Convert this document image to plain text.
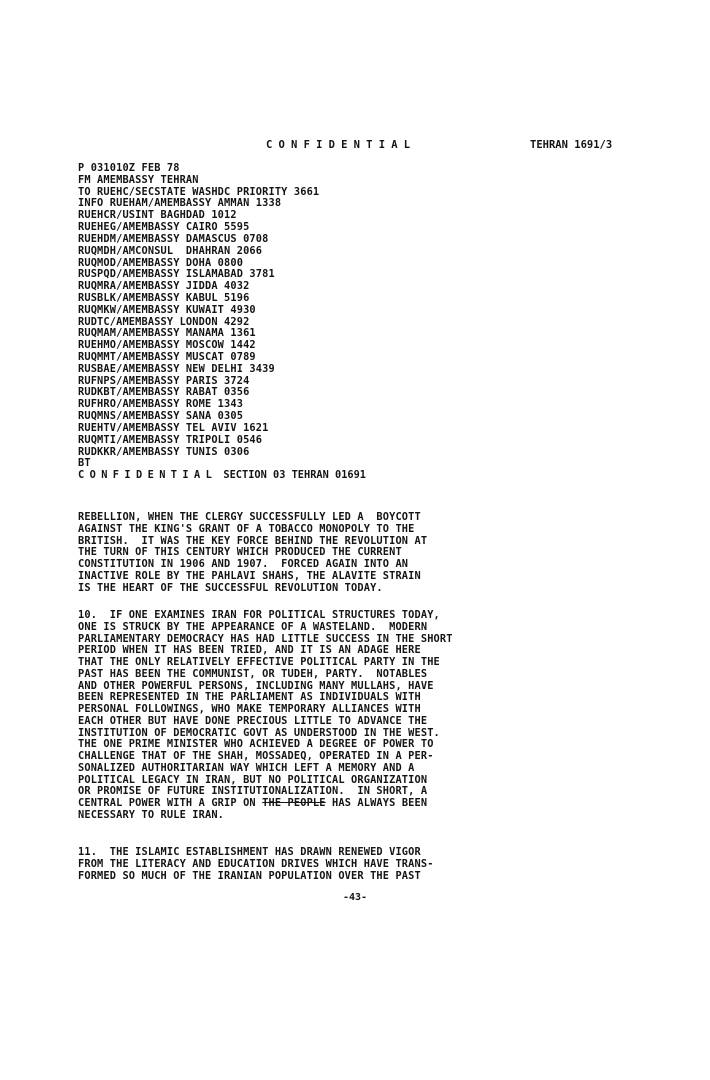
CONFIDENTIAL	TEHRAN 1691/3
P 031010Z FEB 78
FM AMEMBASSY TEHRAN
TO RUEHC/SECSTATE WASHDC PRIORITY 3661
INFO RUEHAM/AMEMBASSY AMMAN 1338
RUEHCR/USINT BAGHDAD 1012
RUEHEG/AMEMBASSY CAIRO 5595
RUEHDM/AMEMBASSY DAMASCUS 0708
RUQMDH/AMCONSUL  DHAHRAN 2066
RUQMOD/AMEMBASSY DOHA 0800
RUSPQD/AMEMBASSY ISLAMABAD 3781
RUQMRA/AMEMBASSY JIDDA 4032
RUSBLK/AMEMBASSY KABUL 5196
RUQMKW/AMEMBASSY KUWAIT 4930
RUDTC/AMEMBASSY LONDON 4292
RUQMAM/AMEMBASSY MANAMA 1361
RUEHMO/AMEMBASSY MOSCOW 1442
RUQMMT/AMEMBASSY MUSCAT 0789
RUSBAE/AMEMBASSY NEW DELHI 3439
RUFNPS/AMEMBASSY PARIS 3724
RUDKBT/AMEMBASSY RABAT 0356
RUFHRO/AMEMBASSY ROME 1343
RUQMNS/AMEMBASSY SANA 0305
RUEHTV/AMEMBASSY TEL AVIV 1621
RUQMTI/AMEMBASSY TRIPOLI 0546
RUDKKR/AMEMBASSY TUNIS 0306
BT
CONFIDENTIAL SECTION 03 TEHRAN 01691
REBELLION, WHEN THE CLERGY SUCCESSFULLY LED A  BOYCOTT
AGAINST THE KING'S GRANT OF A TOBACCO MONOPOLY TO THE
BRITISH.  IT WAS THE KEY FORCE BEHIND THE REVOLUTION AT
THE TURN OF THIS CENTURY WHICH PRODUCED THE CURRENT
CONSTITUTION IN 1906 AND 1907.  FORCED AGAIN INTO AN
INACTIVE ROLE BY THE PAHLAVI SHAHS, THE ALAVITE STRAIN
IS THE HEART OF THE SUCCESSFUL REVOLUTION TODAY.
10.  IF ONE EXAMINES IRAN FOR POLITICAL STRUCTURES TODAY,
ONE IS STRUCK BY THE APPEARANCE OF A WASTELAND.  MODERN
PARLIAMENTARY DEMOCRACY HAS HAD LITTLE SUCCESS IN THE SHORT
PERIOD WHEN IT HAS BEEN TRIED, AND IT IS AN ADAGE HERE
THAT THE ONLY RELATIVELY EFFECTIVE POLITICAL PARTY IN THE
PAST HAS BEEN THE COMMUNIST, OR TUDEH, PARTY.  NOTABLES
AND OTHER POWERFUL PERSONS, INCLUDING MANY MULLAHS, HAVE
BEEN REPRESENTED IN THE PARLIAMENT AS INDIVIDUALS WITH
PERSONAL FOLLOWINGS, WHO MAKE TEMPORARY ALLIANCES WITH
EACH OTHER BUT HAVE DONE PRECIOUS LITTLE TO ADVANCE THE
INSTITUTION OF DEMOCRATIC GOVT AS UNDERSTOOD IN THE WEST.
THE ONE PRIME MINISTER WHO ACHIEVED A DEGREE OF POWER TO
CHALLENGE THAT OF THE SHAH, MOSSADEQ, OPERATED IN A PER-
SONALIZED AUTHORITARIAN WAY WHICH LEFT A MEMORY AND A
POLITICAL LEGACY IN IRAN, BUT NO POLITICAL ORGANIZATION
OR PROMISE OF FUTURE INSTITUTIONALIZATION.  IN SHORT, A
CENTRAL POWER WITH A GRIP ON THE PEOPLE HAS ALWAYS BEEN
NECESSARY TO RULE IRAN.
11.  THE ISLAMIC ESTABLISHMENT HAS DRAWN RENEWED VIGOR
FROM THE LITERACY AND EDUCATION DRIVES WHICH HAVE TRANS-
FORMED SO MUCH OF THE IRANIAN POPULATION OVER THE PAST
-43-
